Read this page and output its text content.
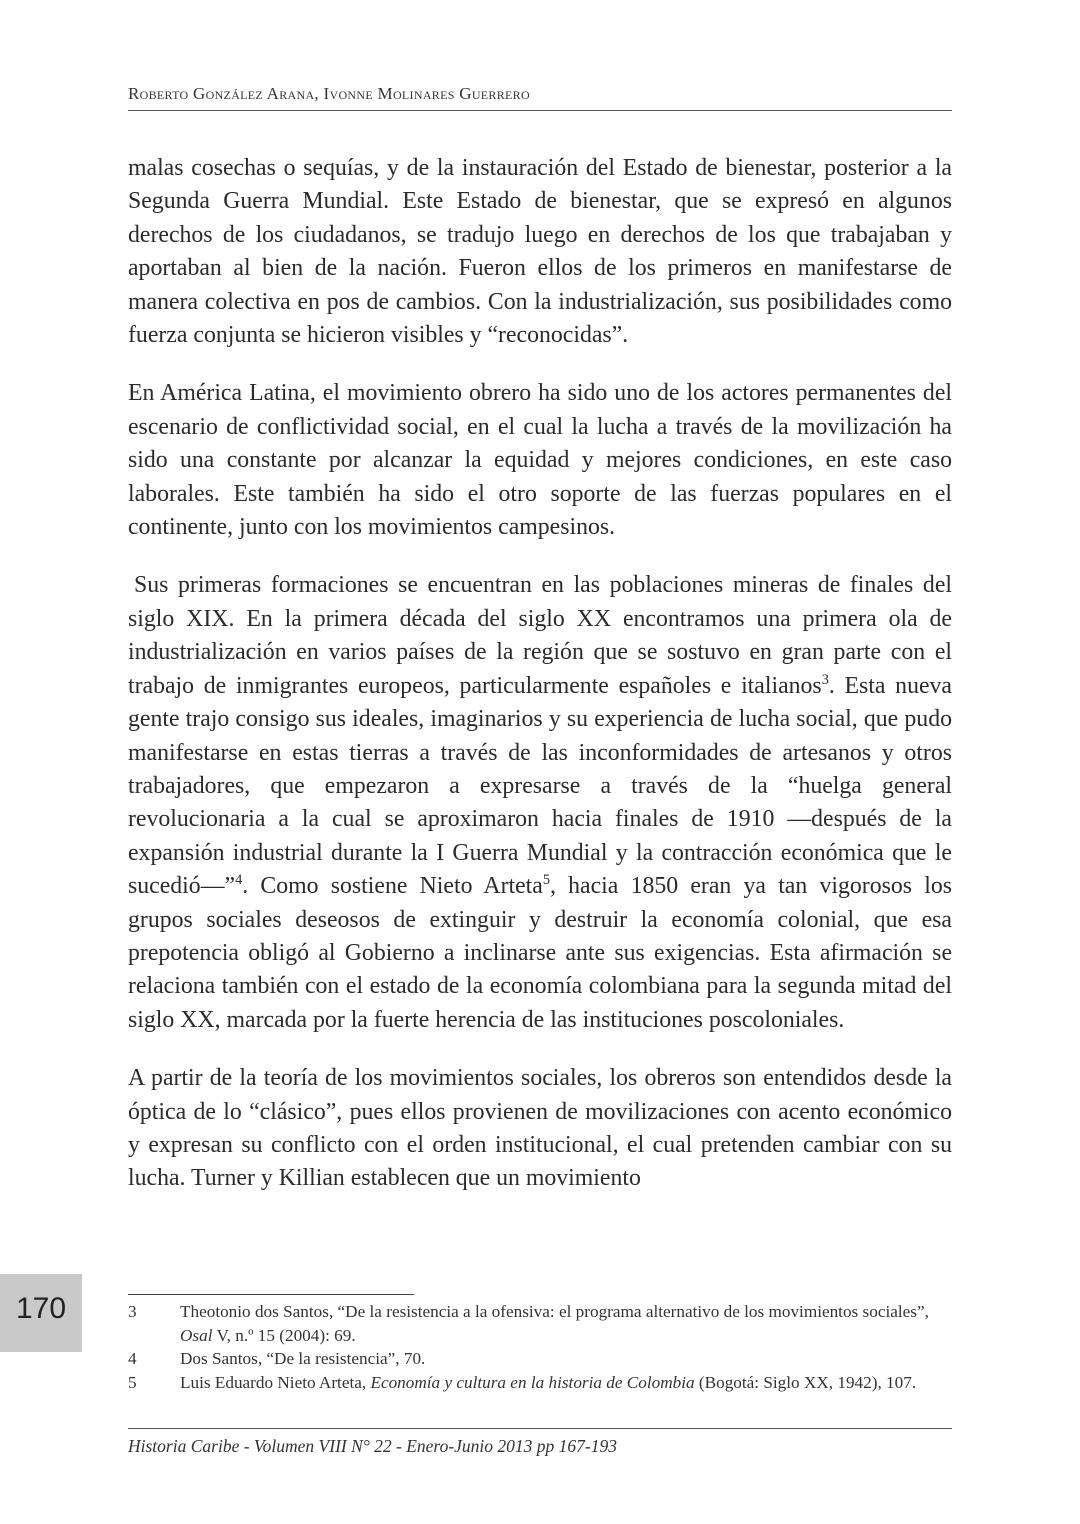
Roberto González Arana, Ivonne Molinares Guerrero

malas cosechas o sequías, y de la instauración del Estado de bienestar, posterior a la Segunda Guerra Mundial. Este Estado de bienestar, que se expresó en algunos derechos de los ciudadanos, se tradujo luego en derechos de los que trabajaban y aportaban al bien de la nación. Fueron ellos de los primeros en manifestarse de manera colectiva en pos de cambios. Con la industrialización, sus posibilidades como fuerza conjunta se hicieron visibles y “reconocidas”.

En América Latina, el movimiento obrero ha sido uno de los actores permanentes del escenario de conflictividad social, en el cual la lucha a través de la movilización ha sido una constante por alcanzar la equidad y mejores condiciones, en este caso laborales. Este también ha sido el otro soporte de las fuerzas populares en el continente, junto con los movimientos campesinos.

Sus primeras formaciones se encuentran en las poblaciones mineras de finales del siglo XIX. En la primera década del siglo XX encontramos una primera ola de industrialización en varios países de la región que se sostuvo en gran parte con el trabajo de inmigrantes europeos, particularmente españoles e italianos$^3$. Esta nueva gente trajo consigo sus ideales, imaginarios y su experiencia de lucha social, que pudo manifestarse en estas tierras a través de las inconformidades de artesanos y otros trabajadores, que empezaron a expresarse a través de la “huelga general revolucionaria a la cual se aproximaron hacia finales de 1910 —después de la expansión industrial durante la I Guerra Mundial y la contracción económica que le sucedió—”$^4$. Como sostiene Nieto Arteta$^5$, hacia 1850 eran ya tan vigorosos los grupos sociales deseosos de extinguir y destruir la economía colonial, que esa prepotencia obligó al Gobierno a inclinarse ante sus exigencias. Esta afirmación se relaciona también con el estado de la economía colombiana para la segunda mitad del siglo XX, marcada por la fuerte herencia de las instituciones poscoloniales.

A partir de la teoría de los movimientos sociales, los obreros son entendidos desde la óptica de lo “clásico”, pues ellos provienen de movilizaciones con acento económico y expresan su conflicto con el orden institucional, el cual pretenden cambiar con su lucha. Turner y Killian establecen que un movimiento

170	3	Theotonio dos Santos, “De la resistencia a la ofensiva: el programa alternativo de los movimientos sociales”, Osal V, n.º 15 (2004): 69.
4	Dos Santos, “De la resistencia”, 70.
5	Luis Eduardo Nieto Arteta, Economía y cultura en la historia de Colombia (Bogotá: Siglo XX, 1942), 107.
Historia Caribe - Volumen VIII N° 22 - Enero-Junio 2013 pp 167-193
